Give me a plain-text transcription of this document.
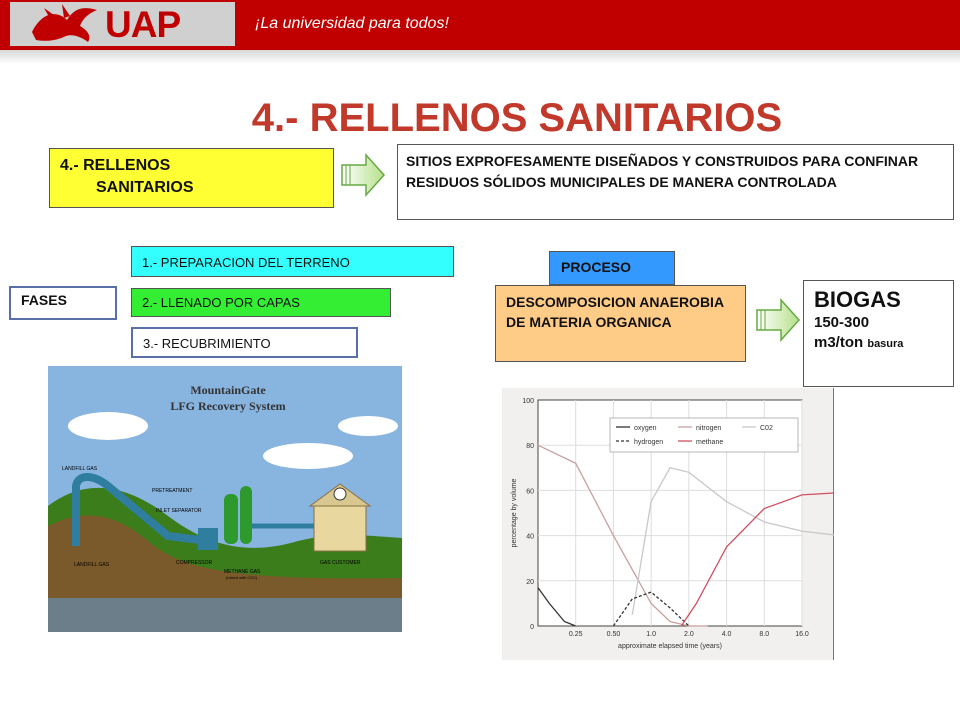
UAP	¡La universidad para todos!
4.- RELLENOS SANITARIOS
4.- RELLENOS
SANITARIOS
SITIOS EXPROFESAMENTE DISEÑADOS Y CONSTRUIDOS PARA CONFINAR RESIDUOS SÓLIDOS MUNICIPALES DE MANERA CONTROLADA
FASES
1.- PREPARACION DEL TERRENO
2.- LLENADO POR CAPAS
3.- RECUBRIMIENTO
PROCESO
DESCOMPOSICION ANAEROBIA DE MATERIA ORGANICA
BIOGAS
150-300
m3/ton basura
MountainGate
LFG Recovery System
LANDFILL GAS
PRETREATMENT
INLET SEPARATOR
COMPRESSOR
METHANE GAS
(mixed with CO2)
GAS CUSTOMER
LANDFILL GAS
0
20
40
60
80
100
0.25	0.50	1.0	2.0	4.0	8.0	16.0
approximate elapsed time (years)
percentage by volume
oxygen	nitrogen	C02
hydrogen	methane
